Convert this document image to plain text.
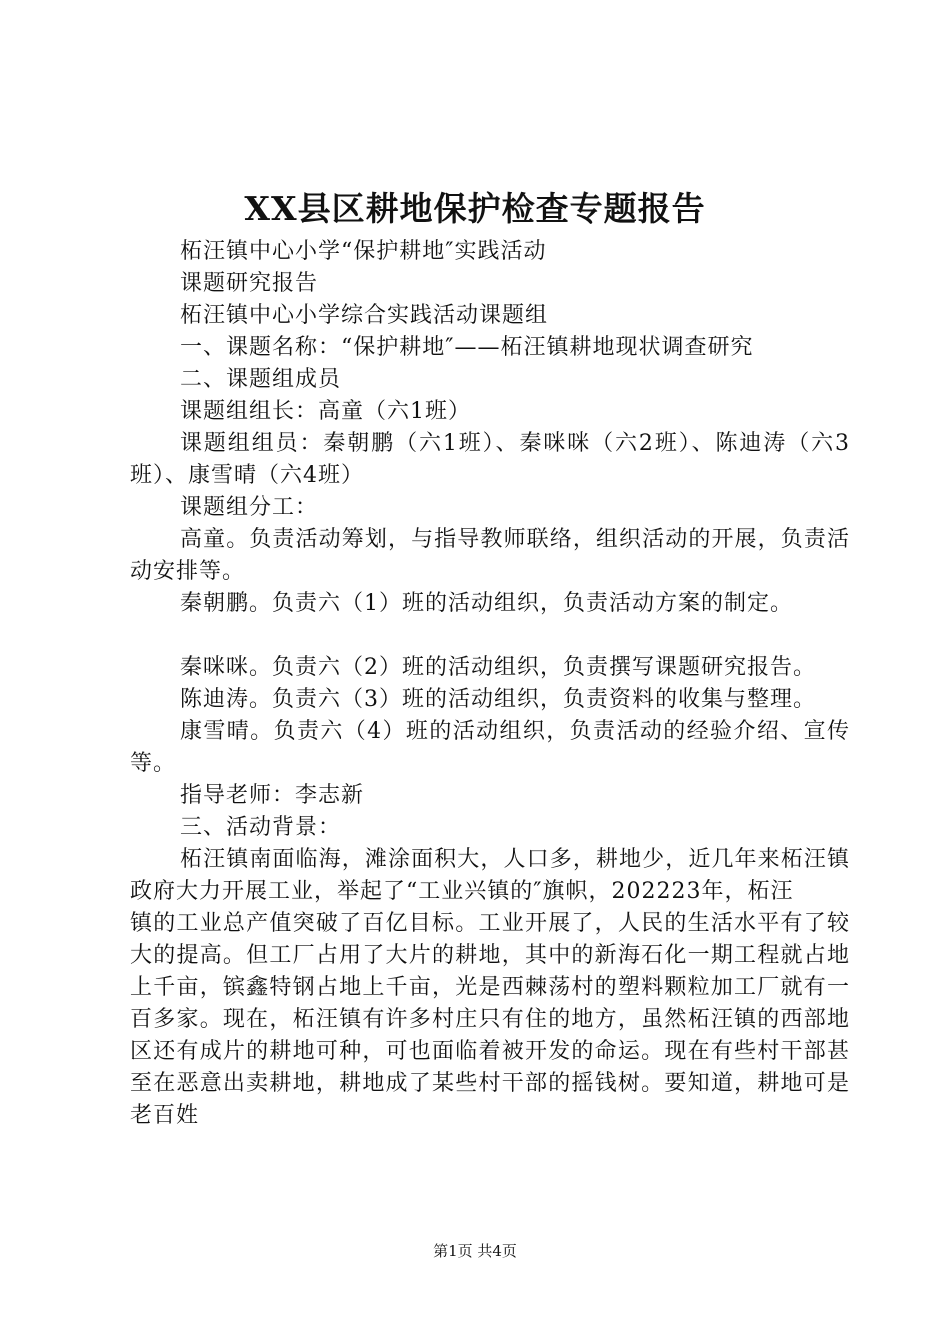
XX县区耕地保护检查专题报告

柘汪镇中心小学“保护耕地″实践活动

课题研究报告

柘汪镇中心小学综合实践活动课题组

一、课题名称：“保护耕地″——柘汪镇耕地现状调查研究

二、课题组成员

课题组组长：高童（六1班）

课题组组员：秦朝鹏（六1班）、秦咪咪（六2班）、陈迪涛（六3班）、康雪晴（六4班）

课题组分工：

高童。负责活动筹划，与指导教师联络，组织活动的开展，负责活动安排等。

秦朝鹏。负责六（1）班的活动组织，负责活动方案的制定。

秦咪咪。负责六（2）班的活动组织，负责撰写课题研究报告。

陈迪涛。负责六（3）班的活动组织，负责资料的收集与整理。

康雪晴。负责六（4）班的活动组织，负责活动的经验介绍、宣传等。

指导老师：李志新

三、活动背景：

柘汪镇南面临海，滩涂面积大，人口多，耕地少，近几年来柘汪镇政府大力开展工业，举起了“工业兴镇的″旗帜，202223年，柘汪

镇的工业总产值突破了百亿目标。工业开展了，人民的生活水平有了较大的提高。但工厂占用了大片的耕地，其中的新海石化一期工程就占地上千亩，镔鑫特钢占地上千亩，光是西棘荡村的塑料颗粒加工厂就有一百多家。现在，柘汪镇有许多村庄只有住的地方，虽然柘汪镇的西部地区还有成片的耕地可种，可也面临着被开发的命运。现在有些村干部甚至在恶意出卖耕地，耕地成了某些村干部的摇钱树。要知道，耕地可是老百姓

第1页 共4页
